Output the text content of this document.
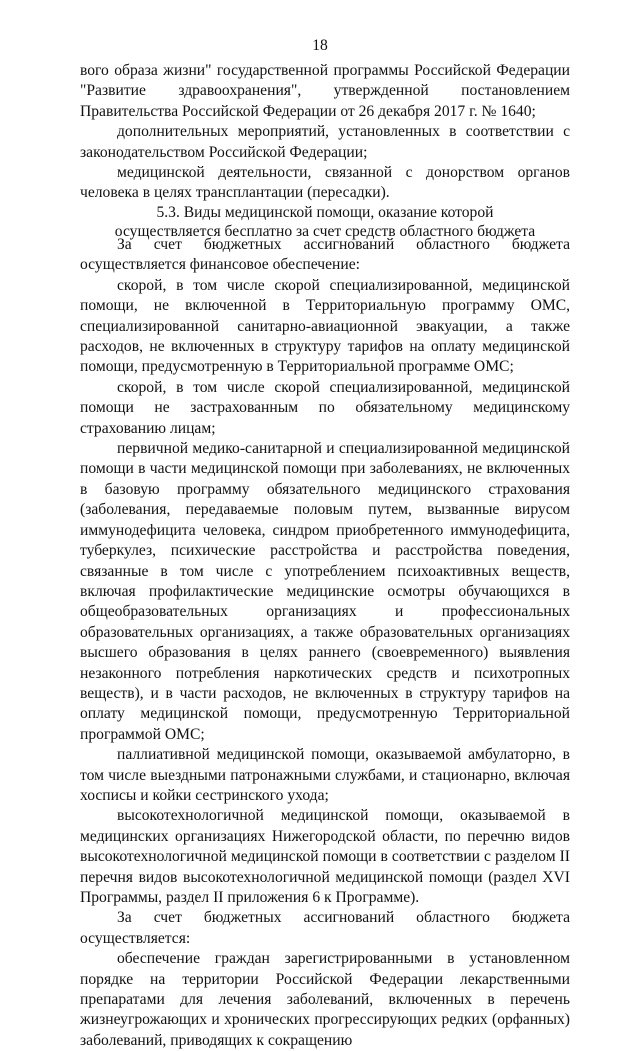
18

вого образа жизни" государственной программы Российской Федерации "Развитие здравоохранения", утвержденной постановлением Правительства Российской Федерации от 26 декабря 2017 г. № 1640;

дополнительных мероприятий, установленных в соответствии с законодательством Российской Федерации;

медицинской деятельности, связанной с донорством органов человека в целях трансплантации (пересадки).

5.3. Виды медицинской помощи, оказание которой
осуществляется бесплатно за счет средств областного бюджета

За счет бюджетных ассигнований областного бюджета осуществляется финансовое обеспечение:

скорой, в том числе скорой специализированной, медицинской помощи, не включенной в Территориальную программу ОМС, специализированной санитарно-авиационной эвакуации, а также расходов, не включенных в структуру тарифов на оплату медицинской помощи, предусмотренную в Территориальной программе ОМС;

скорой, в том числе скорой специализированной, медицинской помощи не застрахованным по обязательному медицинскому страхованию лицам;

первичной медико-санитарной и специализированной медицинской помощи в части медицинской помощи при заболеваниях, не включенных в базовую программу обязательного медицинского страхования (заболевания, передаваемые половым путем, вызванные вирусом иммунодефицита человека, синдром приобретенного иммунодефицита, туберкулез, психические расстройства и расстройства поведения, связанные в том числе с употреблением психоактивных веществ, включая профилактические медицинские осмотры обучающихся в общеобразовательных организациях и профессиональных образовательных организациях, а также образовательных организациях высшего образования в целях раннего (своевременного) выявления незаконного потребления наркотических средств и психотропных веществ), и в части расходов, не включенных в структуру тарифов на оплату медицинской помощи, предусмотренную Территориальной программой ОМС;

паллиативной медицинской помощи, оказываемой амбулаторно, в том числе выездными патронажными службами, и стационарно, включая хосписы и койки сестринского ухода;

высокотехнологичной медицинской помощи, оказываемой в медицинских организациях Нижегородской области, по перечню видов высокотехнологичной медицинской помощи в соответствии с разделом II перечня видов высокотехнологичной медицинской помощи (раздел XVI Программы, раздел II приложения 6 к Программе).

За счет бюджетных ассигнований областного бюджета осуществляется:

обеспечение граждан зарегистрированными в установленном порядке на территории Российской Федерации лекарственными препаратами для лечения заболеваний, включенных в перечень жизнеугрожающих и хронических прогрессирующих редких (орфанных) заболеваний, приводящих к сокращению
